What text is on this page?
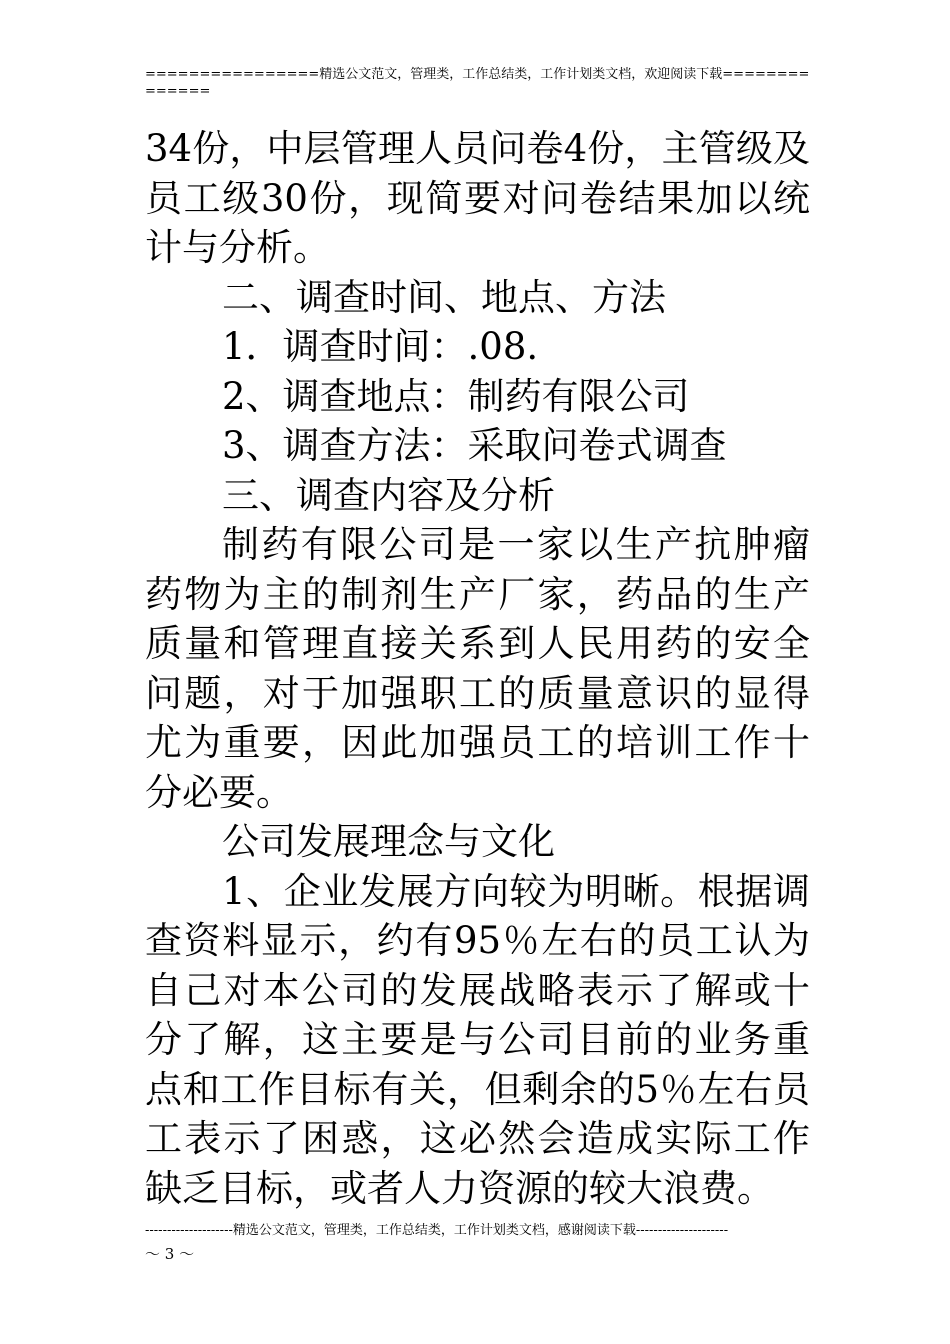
================精选公文范文，管理类，工作总结类，工作计划类文档，欢迎阅读下载==============

34份，中层管理人员问卷4份，主管级及员工级30份，现简要对问卷结果加以统计与分析。

二、调查时间、地点、方法

1．调查时间：.08.

2、调查地点：制药有限公司

3、调查方法：采取问卷式调查

三、调查内容及分析

制药有限公司是一家以生产抗肿瘤药物为主的制剂生产厂家，药品的生产质量和管理直接关系到人民用药的安全问题，对于加强职工的质量意识的显得尤为重要，因此加强员工的培训工作十分必要。

公司发展理念与文化

1、企业发展方向较为明晰。根据调查资料显示，约有95％左右的员工认为自己对本公司的发展战略表示了解或十分了解，这主要是与公司目前的业务重点和工作目标有关，但剩余的5％左右员工表示了困惑，这必然会造成实际工作缺乏目标，或者人力资源的较大浪费。

--------------------精选公文范文，管理类，工作总结类，工作计划类文档，感谢阅读下载---------------------
～ 3 ～
